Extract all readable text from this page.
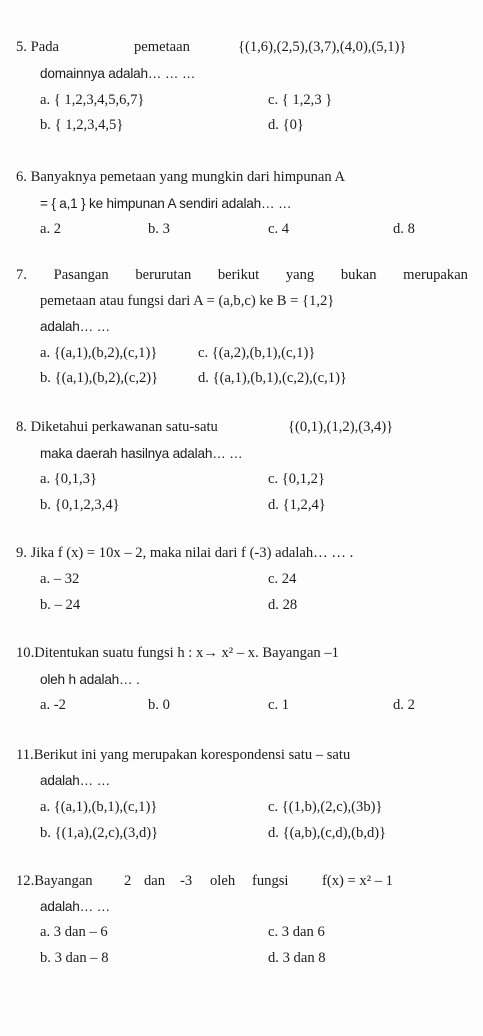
5. Pada	pemetaan	{(1,6),(2,5),(3,7),(4,0),(5,1)}
domainnya adalah… … …
a. { 1,2,3,4,5,6,7}
b. { 1,2,3,4,5}
c. { 1,2,3 }
d. {0}
6. Banyaknya pemetaan yang mungkin dari himpunan A
= { a,1 } ke himpunan A sendiri adalah… …
a. 2	b. 3	c. 4	d. 8
7. Pasangan berurutan berikut yang bukan merupakan
pemetaan atau fungsi dari A = (a,b,c) ke B = {1,2}
adalah… …
a. {(a,1),(b,2),(c,1)}	c. {(a,2),(b,1),(c,1)}
b. {(a,1),(b,2),(c,2)}	d. {(a,1),(b,1),(c,2),(c,1)}
8. Diketahui perkawanan satu-satu	{(0,1),(1,2),(3,4)}
maka daerah hasilnya adalah… …
a. {0,1,3}
b. {0,1,2,3,4}
c. {0,1,2}
d. {1,2,4}
9. Jika f (x) = 10x – 2, maka nilai dari f (-3) adalah… … .
a. – 32
b. – 24
c. 24
d. 28
10.Ditentukan suatu fungsi h : x→ x² – x. Bayangan –1
oleh h adalah… .
a. -2	b. 0	c. 1	d. 2
11.Berikut ini yang merupakan korespondensi satu – satu
adalah… …
a. {(a,1),(b,1),(c,1)}
b. {(1,a),(2,c),(3,d)}
c. {(1,b),(2,c),(3b)}
d. {(a,b),(c,d),(b,d)}
12.Bayangan	2 dan	-3	oleh	fungsi	f(x) = x² – 1
adalah… …
a. 3 dan – 6
b. 3 dan – 8
c. 3 dan 6
d. 3 dan 8
